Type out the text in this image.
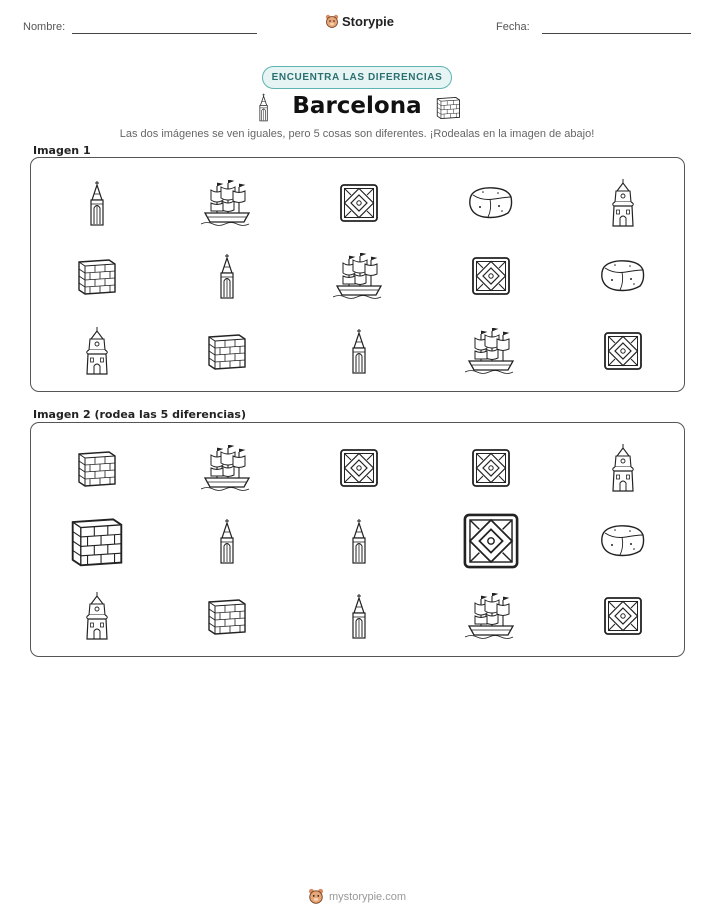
Nombre:	Storypie	Fecha:
ENCUENTRA LAS DIFERENCIAS
Barcelona
Las dos imágenes se ven iguales, pero 5 cosas son diferentes. ¡Rodealas en la imagen de abajo!
Imagen 1
Imagen 2 (rodea las 5 diferencias)
mystorypie.com
